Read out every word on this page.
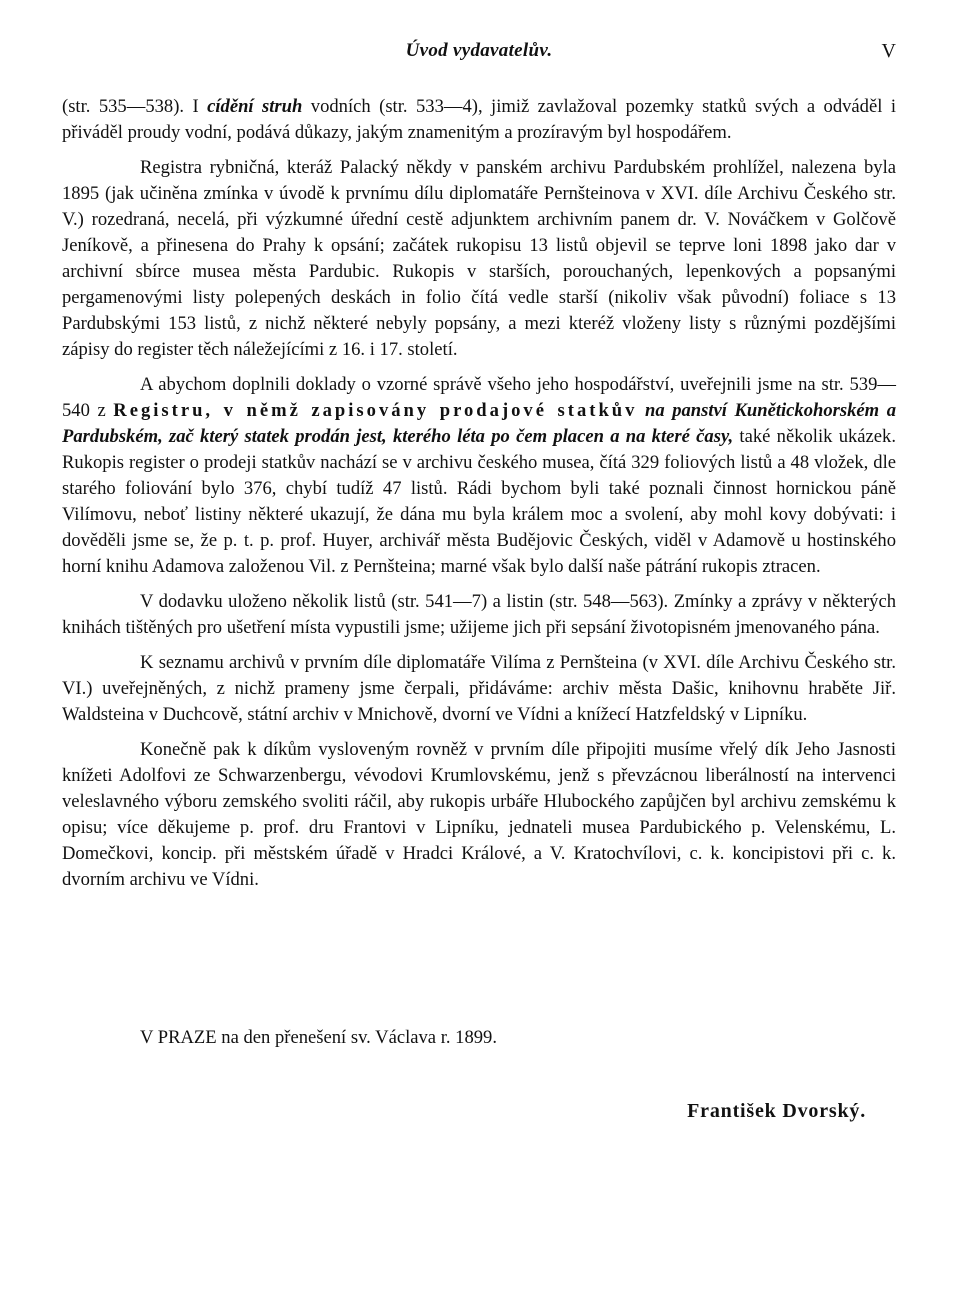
Úvod vydavatelův.	V

(str. 535—538). I cídění struh vodních (str. 533—4), jimiž zavlažoval pozemky statků svých a odváděl i přiváděl proudy vodní, podává důkazy, jakým znamenitým a prozíravým byl hospodářem.

Registra rybničná, kteráž Palacký někdy v panském archivu Pardubském prohlížel, nalezena byla 1895 (jak učiněna zmínka v úvodě k prvnímu dílu diplomatáře Pernšteinova v XVI. díle Archivu Českého str. V.) rozedraná, necelá, při výzkumné úřední cestě adjunktem archivním panem dr. V. Nováčkem v Golčově Jeníkově, a přinesena do Prahy k opsání; začátek rukopisu 13 listů objevil se teprve loni 1898 jako dar v archivní sbírce musea města Pardubic. Rukopis v starších, porouchaných, lepenkových a popsanými pergamenovými listy polepených deskách in folio čítá vedle starší (nikoliv však původní) foliace s 13 Pardubskými 153 listů, z nichž některé nebyly popsány, a mezi kteréž vloženy listy s různými pozdějšími zápisy do register těch náležejícími z 16. i 17. století.

A abychom doplnili doklady o vzorné správě všeho jeho hospodářství, uveřejnili jsme na str. 539—540 z Registru, v němž zapisovány prodajové statkův na panství Kunětickohorském a Pardubském, zač který statek prodán jest, kterého léta po čem placen a na které časy, také několik ukázek. Rukopis register o prodeji statkův nachází se v archivu českého musea, čítá 329 foliových listů a 48 vložek, dle starého foliování bylo 376, chybí tudíž 47 listů. Rádi bychom byli také poznali činnost hornickou páně Vilímovu, neboť listiny některé ukazují, že dána mu byla králem moc a svolení, aby mohl kovy dobývati: i dověděli jsme se, že p. t. p. prof. Huyer, archivář města Budějovic Českých, viděl v Adamově u hostinského horní knihu Adamova založenou Vil. z Pernšteina; marné však bylo další naše pátrání rukopis ztracen.

V dodavku uloženo několik listů (str. 541—7) a listin (str. 548—563). Zmínky a zprávy v některých knihách tištěných pro ušetření místa vypustili jsme; užijeme jich při sepsání životopisném jmenovaného pána.

K seznamu archivů v prvním díle diplomatáře Vilíma z Pernšteina (v XVI. díle Archivu Českého str. VI.) uveřejněných, z nichž prameny jsme čerpali, přidáváme: archiv města Dašic, knihovnu hraběte Jiř. Waldsteina v Duchcově, státní archiv v Mnichově, dvorní ve Vídni a knížecí Hatzfeldský v Lipníku.

Konečně pak k díkům vysloveným rovněž v prvním díle připojiti musíme vřelý dík Jeho Jasnosti knížeti Adolfovi ze Schwarzenbergu, vévodovi Krumlovskému, jenž s převzácnou liberálností na intervenci veleslavného výboru zemského svoliti ráčil, aby rukopis urbáře Hlubockého zapůjčen byl archivu zemskému k opisu; více děkujeme p. prof. dru Frantovi v Lipníku, jednateli musea Pardubického p. Velenskému, L. Domečkovi, koncip. při městském úřadě v Hradci Králové, a V. Kratochvílovi, c. k. koncipistovi při c. k. dvorním archivu ve Vídni.

V PRAZE na den přenešení sv. Václava r. 1899.
František Dvorský.
